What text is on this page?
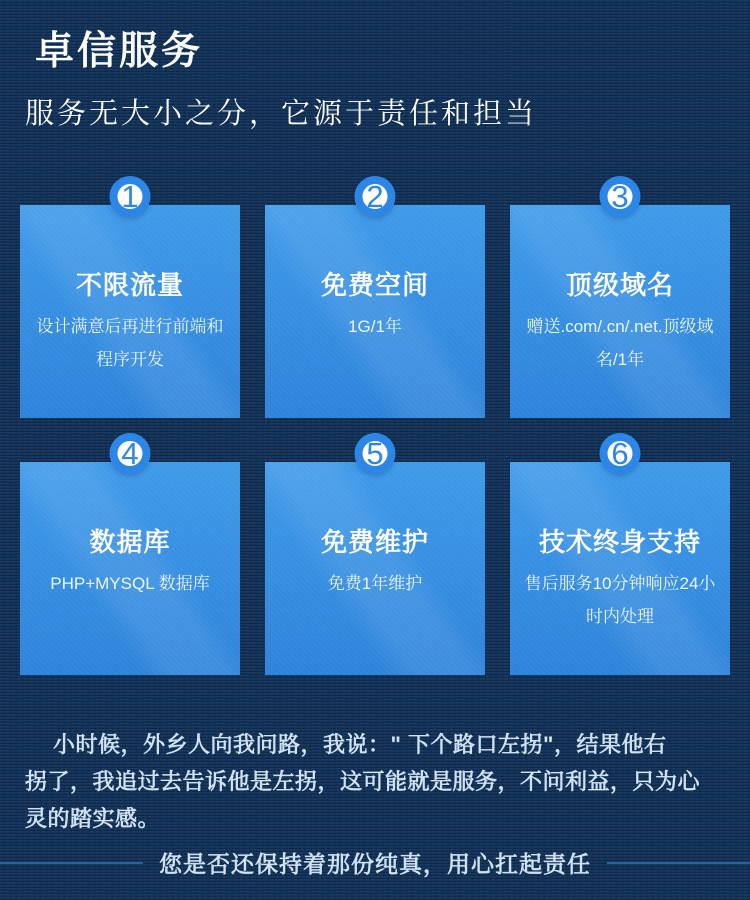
卓信服务
服务无大小之分，它源于责任和担当
1
不限流量
设计满意后再进行前端和
程序开发
2
免费空间
1G/1年
3
顶级域名
赠送.com/.cn/.net.顶级域
名/1年
4
数据库
PHP+MYSQL 数据库
5
免费维护
免费1年维护
6
技术终身支持
售后服务10分钟响应24小
时内处理
小时候，外乡人向我问路，我说：" 下个路口左拐"，结果他右
拐了，我追过去告诉他是左拐，这可能就是服务，不问利益，只为心
灵的踏实感。
您是否还保持着那份纯真，用心扛起责任
